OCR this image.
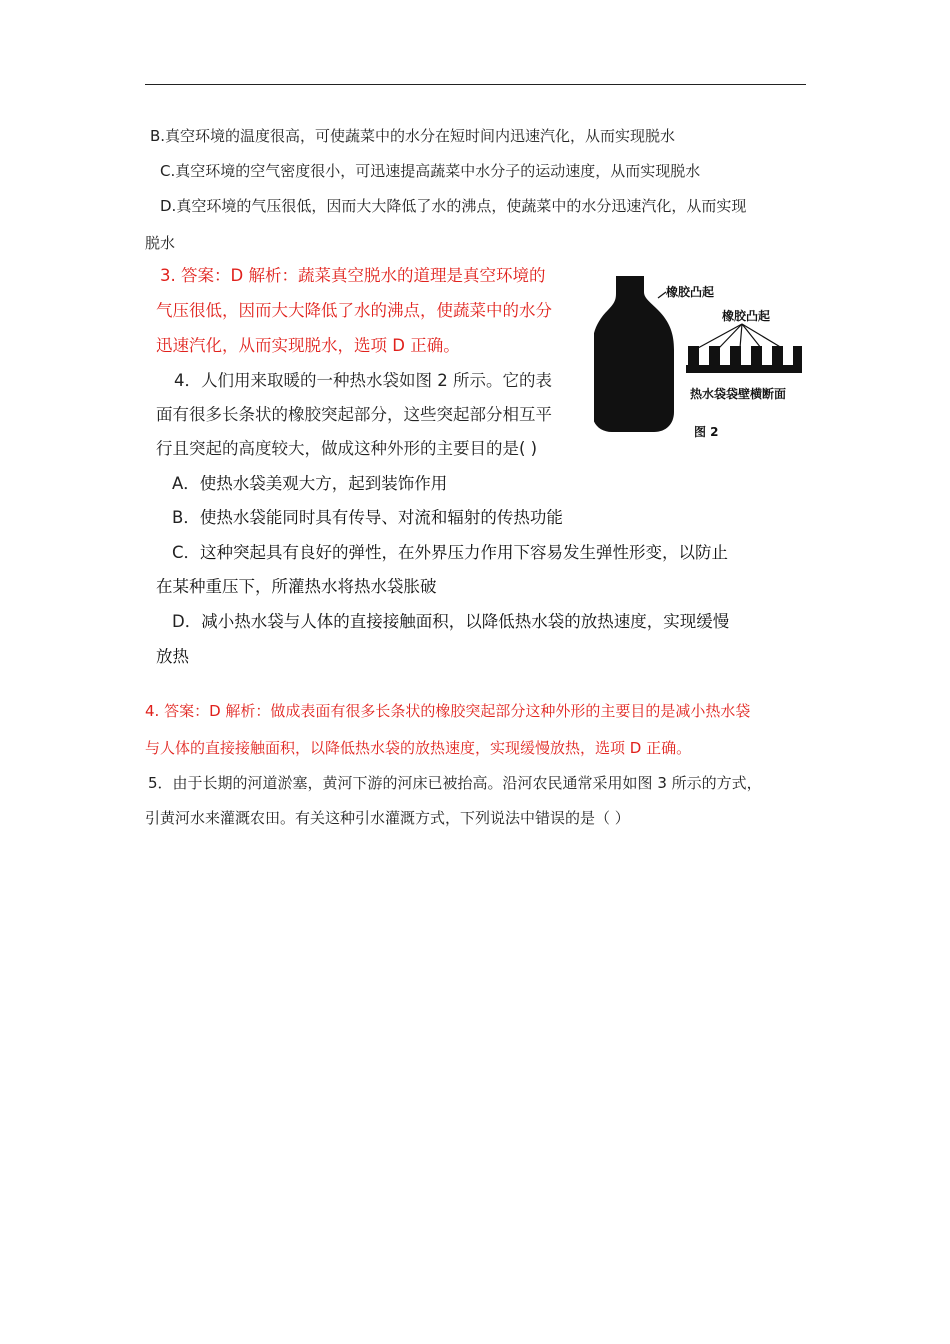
B.真空环境的温度很高，可使蔬菜中的水分在短时间内迅速汽化，从而实现脱水
C.真空环境的空气密度很小，可迅速提高蔬菜中水分子的运动速度，从而实现脱水
D.真空环境的气压很低，因而大大降低了水的沸点，使蔬菜中的水分迅速汽化，从而实现
脱水
3. 答案：D 解析：蔬菜真空脱水的道理是真空环境的
气压很低，因而大大降低了水的沸点，使蔬菜中的水分
迅速汽化，从而实现脱水，选项 D 正确。
4．人们用来取暖的一种热水袋如图 2 所示。它的表
面有很多长条状的橡胶突起部分，这些突起部分相互平
行且突起的高度较大，做成这种外形的主要目的是( )
A．使热水袋美观大方，起到装饰作用
B．使热水袋能同时具有传导、对流和辐射的传热功能
C．这种突起具有良好的弹性，在外界压力作用下容易发生弹性形变，以防止
在某种重压下，所灌热水将热水袋胀破
D．减小热水袋与人体的直接接触面积，以降低热水袋的放热速度，实现缓慢
放热
橡胶凸起
橡胶凸起
热水袋袋壁横断面
图 2
4. 答案：D 解析：做成表面有很多长条状的橡胶突起部分这种外形的主要目的是减小热水袋
与人体的直接接触面积，以降低热水袋的放热速度，实现缓慢放热，选项 D 正确。
5．由于长期的河道淤塞，黄河下游的河床已被抬高。沿河农民通常采用如图 3 所示的方式，
引黄河水来灌溉农田。有关这种引水灌溉方式，下列说法中错误的是（ ）
